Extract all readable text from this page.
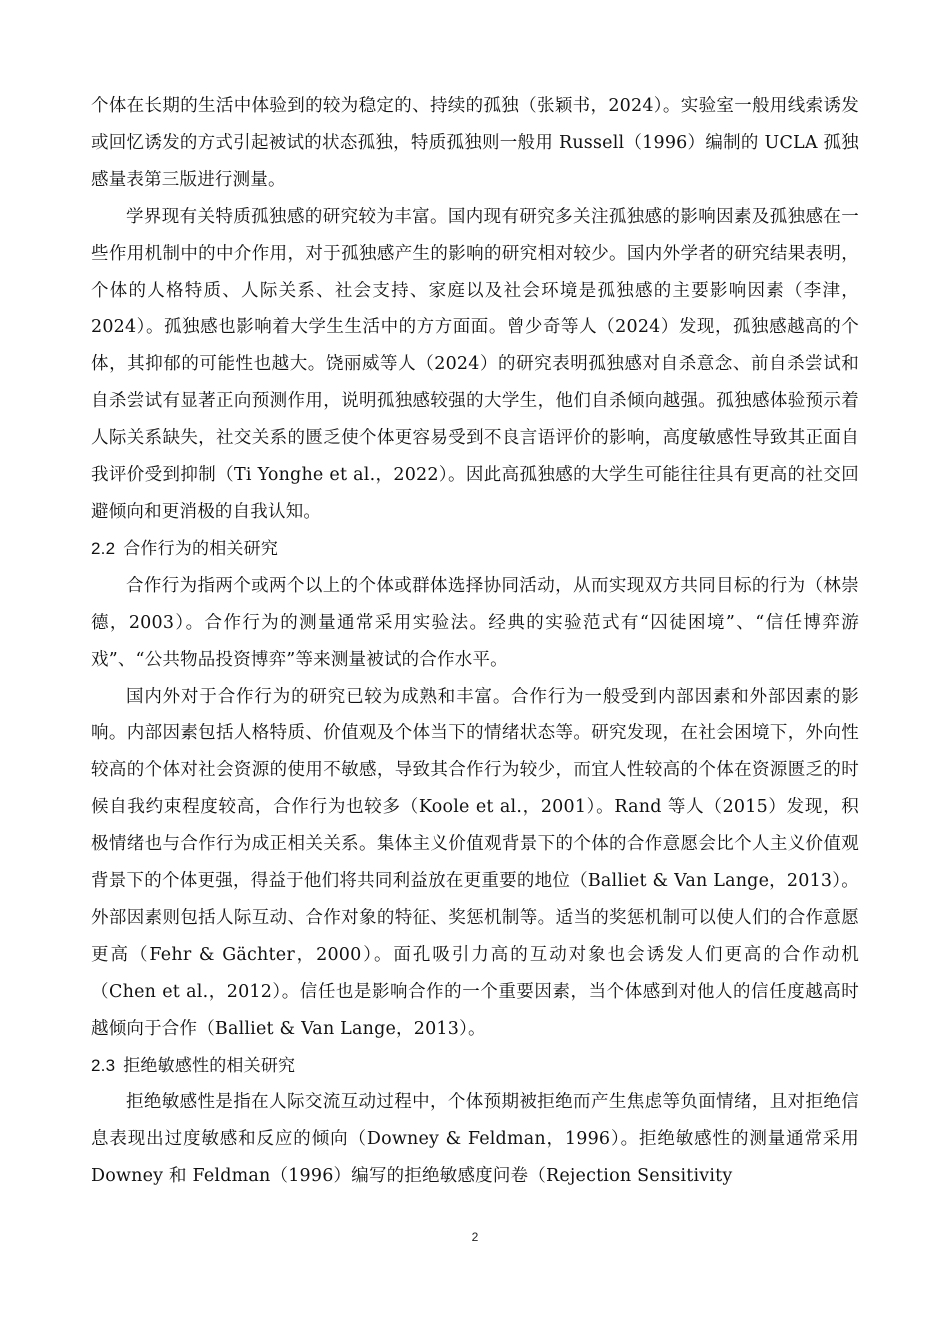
个体在长期的生活中体验到的较为稳定的、持续的孤独（张颖书，2024）。实验室一般用线索诱发或回忆诱发的方式引起被试的状态孤独，特质孤独则一般用 Russell（1996）编制的 UCLA 孤独感量表第三版进行测量。

学界现有关特质孤独感的研究较为丰富。国内现有研究多关注孤独感的影响因素及孤独感在一些作用机制中的中介作用，对于孤独感产生的影响的研究相对较少。国内外学者的研究结果表明，个体的人格特质、人际关系、社会支持、家庭以及社会环境是孤独感的主要影响因素（李津，2024）。孤独感也影响着大学生生活中的方方面面。曾少奇等人（2024）发现，孤独感越高的个体，其抑郁的可能性也越大。饶丽威等人（2024）的研究表明孤独感对自杀意念、前自杀尝试和自杀尝试有显著正向预测作用，说明孤独感较强的大学生，他们自杀倾向越强。孤独感体验预示着人际关系缺失，社交关系的匮乏使个体更容易受到不良言语评价的影响，高度敏感性导致其正面自我评价受到抑制（Ti Yonghe et al.，2022）。因此高孤独感的大学生可能往往具有更高的社交回避倾向和更消极的自我认知。

2.2 合作行为的相关研究

合作行为指两个或两个以上的个体或群体选择协同活动，从而实现双方共同目标的行为（林崇德，2003）。合作行为的测量通常采用实验法。经典的实验范式有“囚徒困境”、“信任博弈游戏”、“公共物品投资博弈”等来测量被试的合作水平。

国内外对于合作行为的研究已较为成熟和丰富。合作行为一般受到内部因素和外部因素的影响。内部因素包括人格特质、价值观及个体当下的情绪状态等。研究发现，在社会困境下，外向性较高的个体对社会资源的使用不敏感，导致其合作行为较少，而宜人性较高的个体在资源匮乏的时候自我约束程度较高，合作行为也较多（Koole et al.，2001）。Rand 等人（2015）发现，积极情绪也与合作行为成正相关关系。集体主义价值观背景下的个体的合作意愿会比个人主义价值观背景下的个体更强，得益于他们将共同利益放在更重要的地位（Balliet & Van Lange，2013）。外部因素则包括人际互动、合作对象的特征、奖惩机制等。适当的奖惩机制可以使人们的合作意愿更高（Fehr & Gächter，2000）。面孔吸引力高的互动对象也会诱发人们更高的合作动机（Chen et al.，2012）。信任也是影响合作的一个重要因素，当个体感到对他人的信任度越高时越倾向于合作（Balliet & Van Lange，2013）。

2.3 拒绝敏感性的相关研究

拒绝敏感性是指在人际交流互动过程中，个体预期被拒绝而产生焦虑等负面情绪，且对拒绝信息表现出过度敏感和反应的倾向（Downey & Feldman，1996）。拒绝敏感性的测量通常采用 Downey 和 Feldman（1996）编写的拒绝敏感度问卷（Rejection Sensitivity

2
